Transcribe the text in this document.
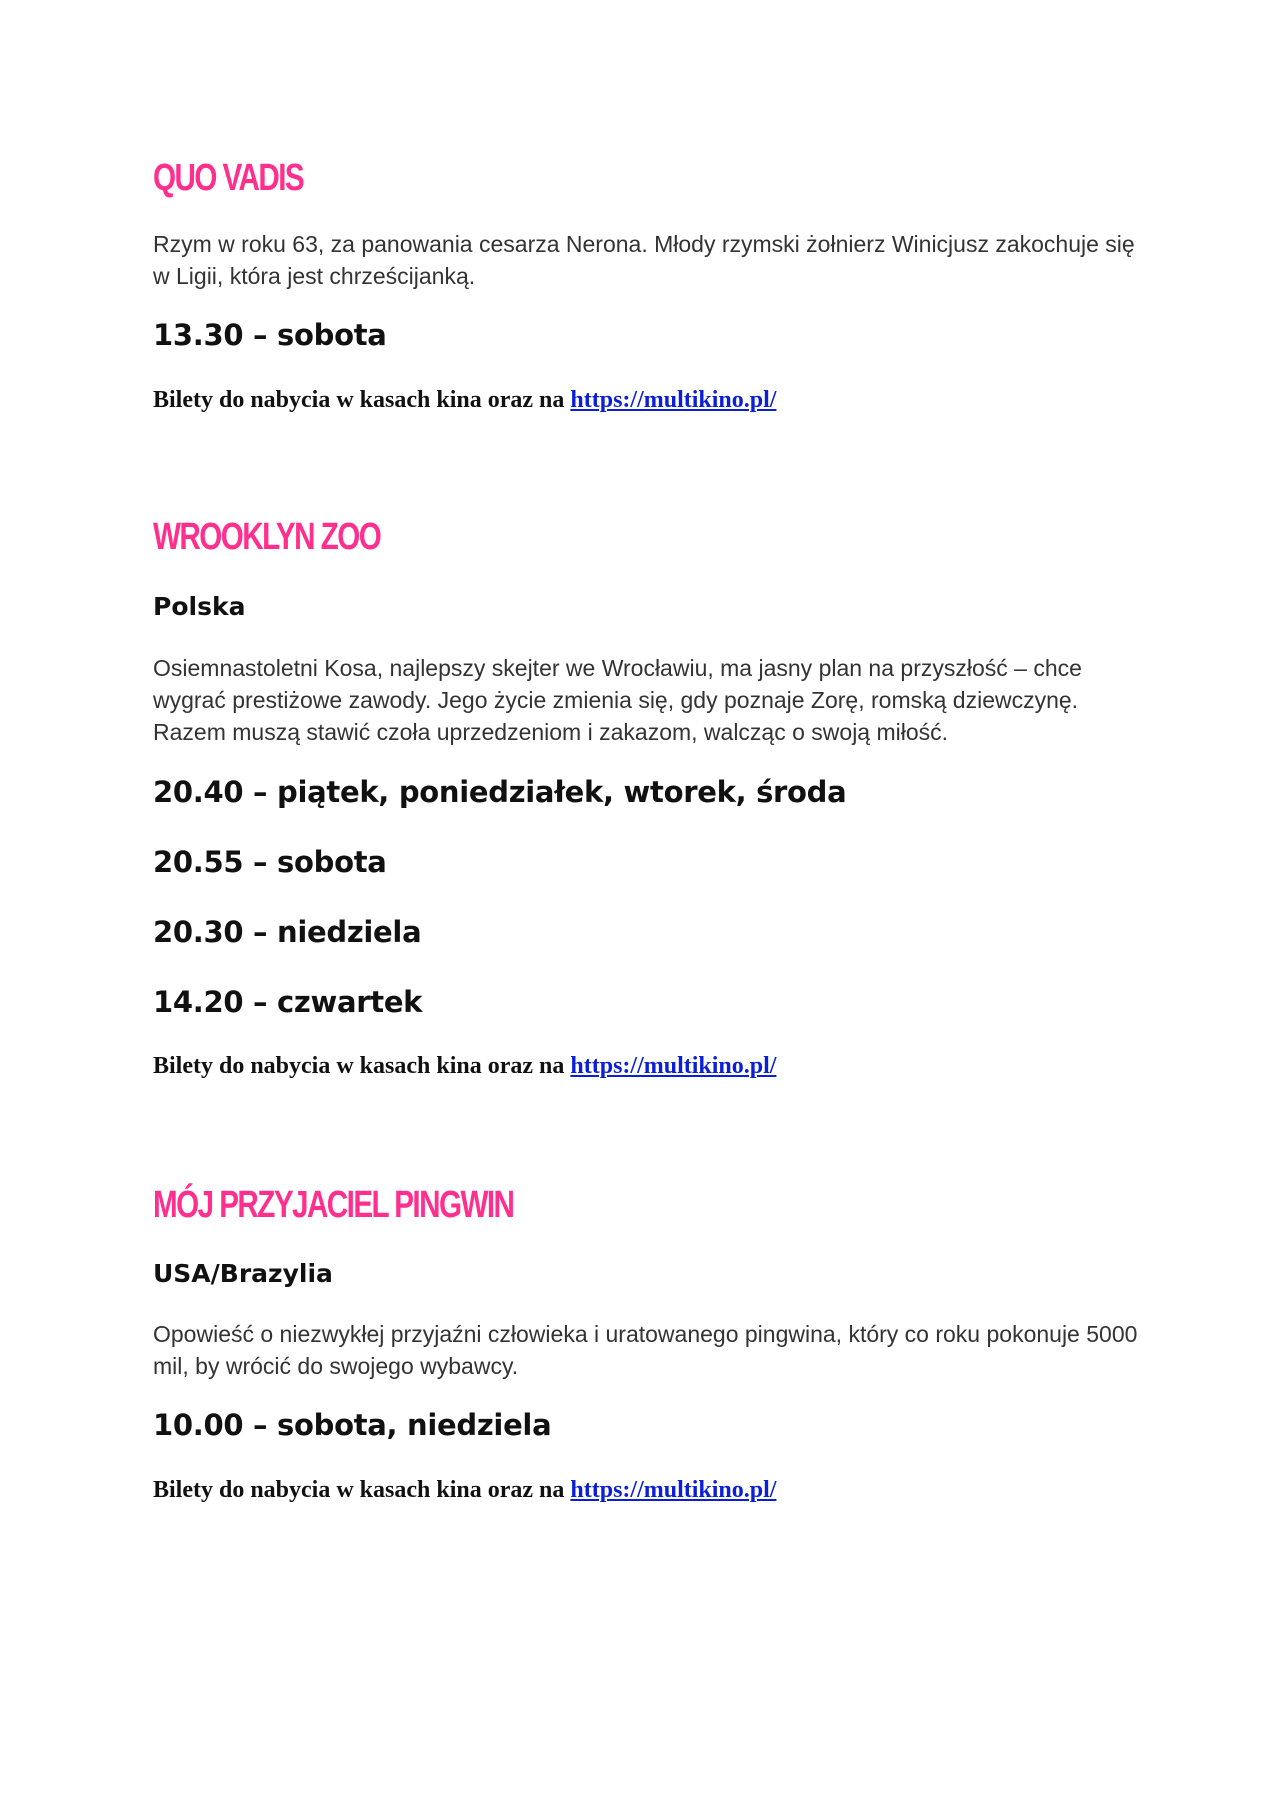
QUO VADIS

Rzym w roku 63, za panowania cesarza Nerona. Młody rzymski żołnierz Winicjusz zakochuje się w Ligii, która jest chrześcijanką.

13.30 – sobota

Bilety do nabycia w kasach kina oraz na https://multikino.pl/

WROOKLYN ZOO
Polska

Osiemnastoletni Kosa, najlepszy skejter we Wrocławiu, ma jasny plan na przyszłość – chce wygrać prestiżowe zawody. Jego życie zmienia się, gdy poznaje Zorę, romską dziewczynę. Razem muszą stawić czoła uprzedzeniom i zakazom, walcząc o swoją miłość.

20.40 – piątek, poniedziałek, wtorek, środa
20.55 – sobota
20.30 – niedziela
14.20 – czwartek

Bilety do nabycia w kasach kina oraz na https://multikino.pl/

MÓJ PRZYJACIEL PINGWIN
USA/Brazylia

Opowieść o niezwykłej przyjaźni człowieka i uratowanego pingwina, który co roku pokonuje 5000 mil, by wrócić do swojego wybawcy.

10.00 – sobota, niedziela

Bilety do nabycia w kasach kina oraz na https://multikino.pl/
